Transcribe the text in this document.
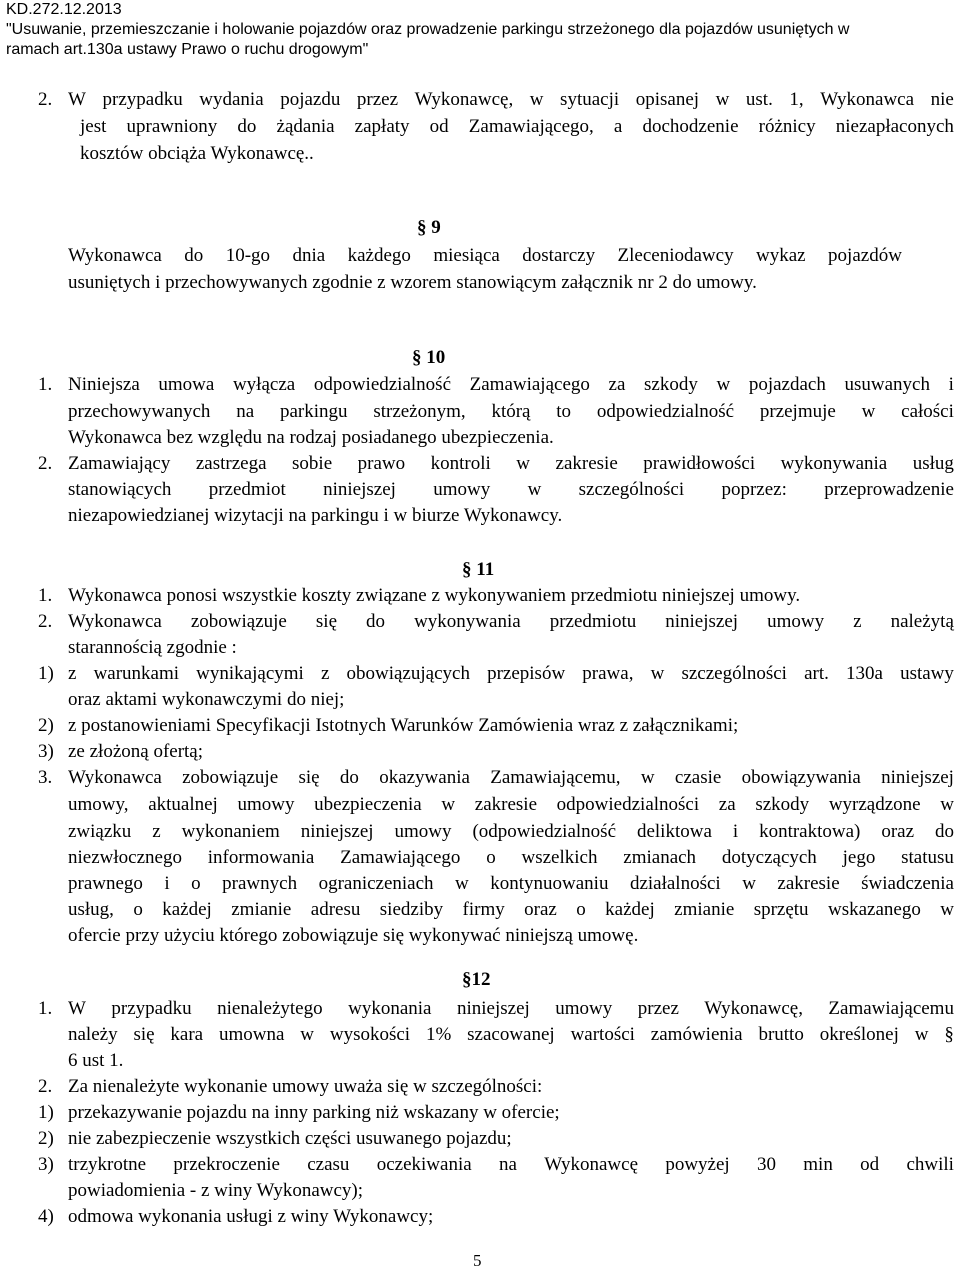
KD.272.12.2013
"Usuwanie, przemieszczanie i holowanie pojazdów oraz prowadzenie parkingu strzeżonego dla pojazdów usuniętych w
ramach art.130a ustawy Prawo o ruchu drogowym"
2. W przypadku wydania pojazdu przez Wykonawcę, w sytuacji opisanej w ust. 1, Wykonawca nie
jest uprawniony do żądania zapłaty od Zamawiającego, a dochodzenie różnicy niezapłaconych
kosztów obciąża Wykonawcę..
§ 9
Wykonawca do 10-go dnia każdego miesiąca dostarczy Zleceniodawcy wykaz pojazdów
usuniętych i przechowywanych zgodnie z wzorem stanowiącym załącznik nr 2 do umowy.
§ 10
1. Niniejsza umowa wyłącza odpowiedzialność Zamawiającego za szkody w pojazdach usuwanych i
przechowywanych na parkingu strzeżonym, którą to odpowiedzialność przejmuje w całości
Wykonawca bez względu na rodzaj posiadanego ubezpieczenia.
2. Zamawiający zastrzega sobie prawo kontroli w zakresie prawidłowości wykonywania usług
stanowiących przedmiot niniejszej umowy w szczególności poprzez: przeprowadzenie
niezapowiedzianej wizytacji na parkingu i w biurze Wykonawcy.
§ 11
1. Wykonawca ponosi wszystkie koszty związane z wykonywaniem przedmiotu niniejszej umowy.
2. Wykonawca zobowiązuje się do wykonywania przedmiotu niniejszej umowy z należytą
starannością zgodnie :
1) z warunkami wynikającymi z obowiązujących przepisów prawa, w szczególności art. 130a ustawy
oraz aktami wykonawczymi do niej;
2) z postanowieniami Specyfikacji Istotnych Warunków Zamówienia wraz z załącznikami;
3) ze złożoną ofertą;
3. Wykonawca zobowiązuje się do okazywania Zamawiającemu, w czasie obowiązywania niniejszej
umowy, aktualnej umowy ubezpieczenia w zakresie odpowiedzialności za szkody wyrządzone w
związku z wykonaniem niniejszej umowy (odpowiedzialność deliktowa i kontraktowa) oraz do
niezwłocznego informowania Zamawiającego o wszelkich zmianach dotyczących jego statusu
prawnego i o prawnych ograniczeniach w kontynuowaniu działalności w zakresie świadczenia
usług, o każdej zmianie adresu siedziby firmy oraz o każdej zmianie sprzętu wskazanego w
ofercie przy użyciu którego zobowiązuje się wykonywać niniejszą umowę.
§12
1. W przypadku nienależytego wykonania niniejszej umowy przez Wykonawcę, Zamawiającemu
należy się kara umowna w wysokości 1% szacowanej wartości zamówienia brutto określonej w §
6 ust 1.
2. Za nienależyte wykonanie umowy uważa się w szczególności:
1) przekazywanie pojazdu na inny parking niż wskazany w ofercie;
2) nie zabezpieczenie wszystkich części usuwanego pojazdu;
3) trzykrotne przekroczenie czasu oczekiwania na Wykonawcę powyżej 30 min od chwili
powiadomienia - z winy Wykonawcy);
4) odmowa wykonania usługi z winy Wykonawcy;
5
